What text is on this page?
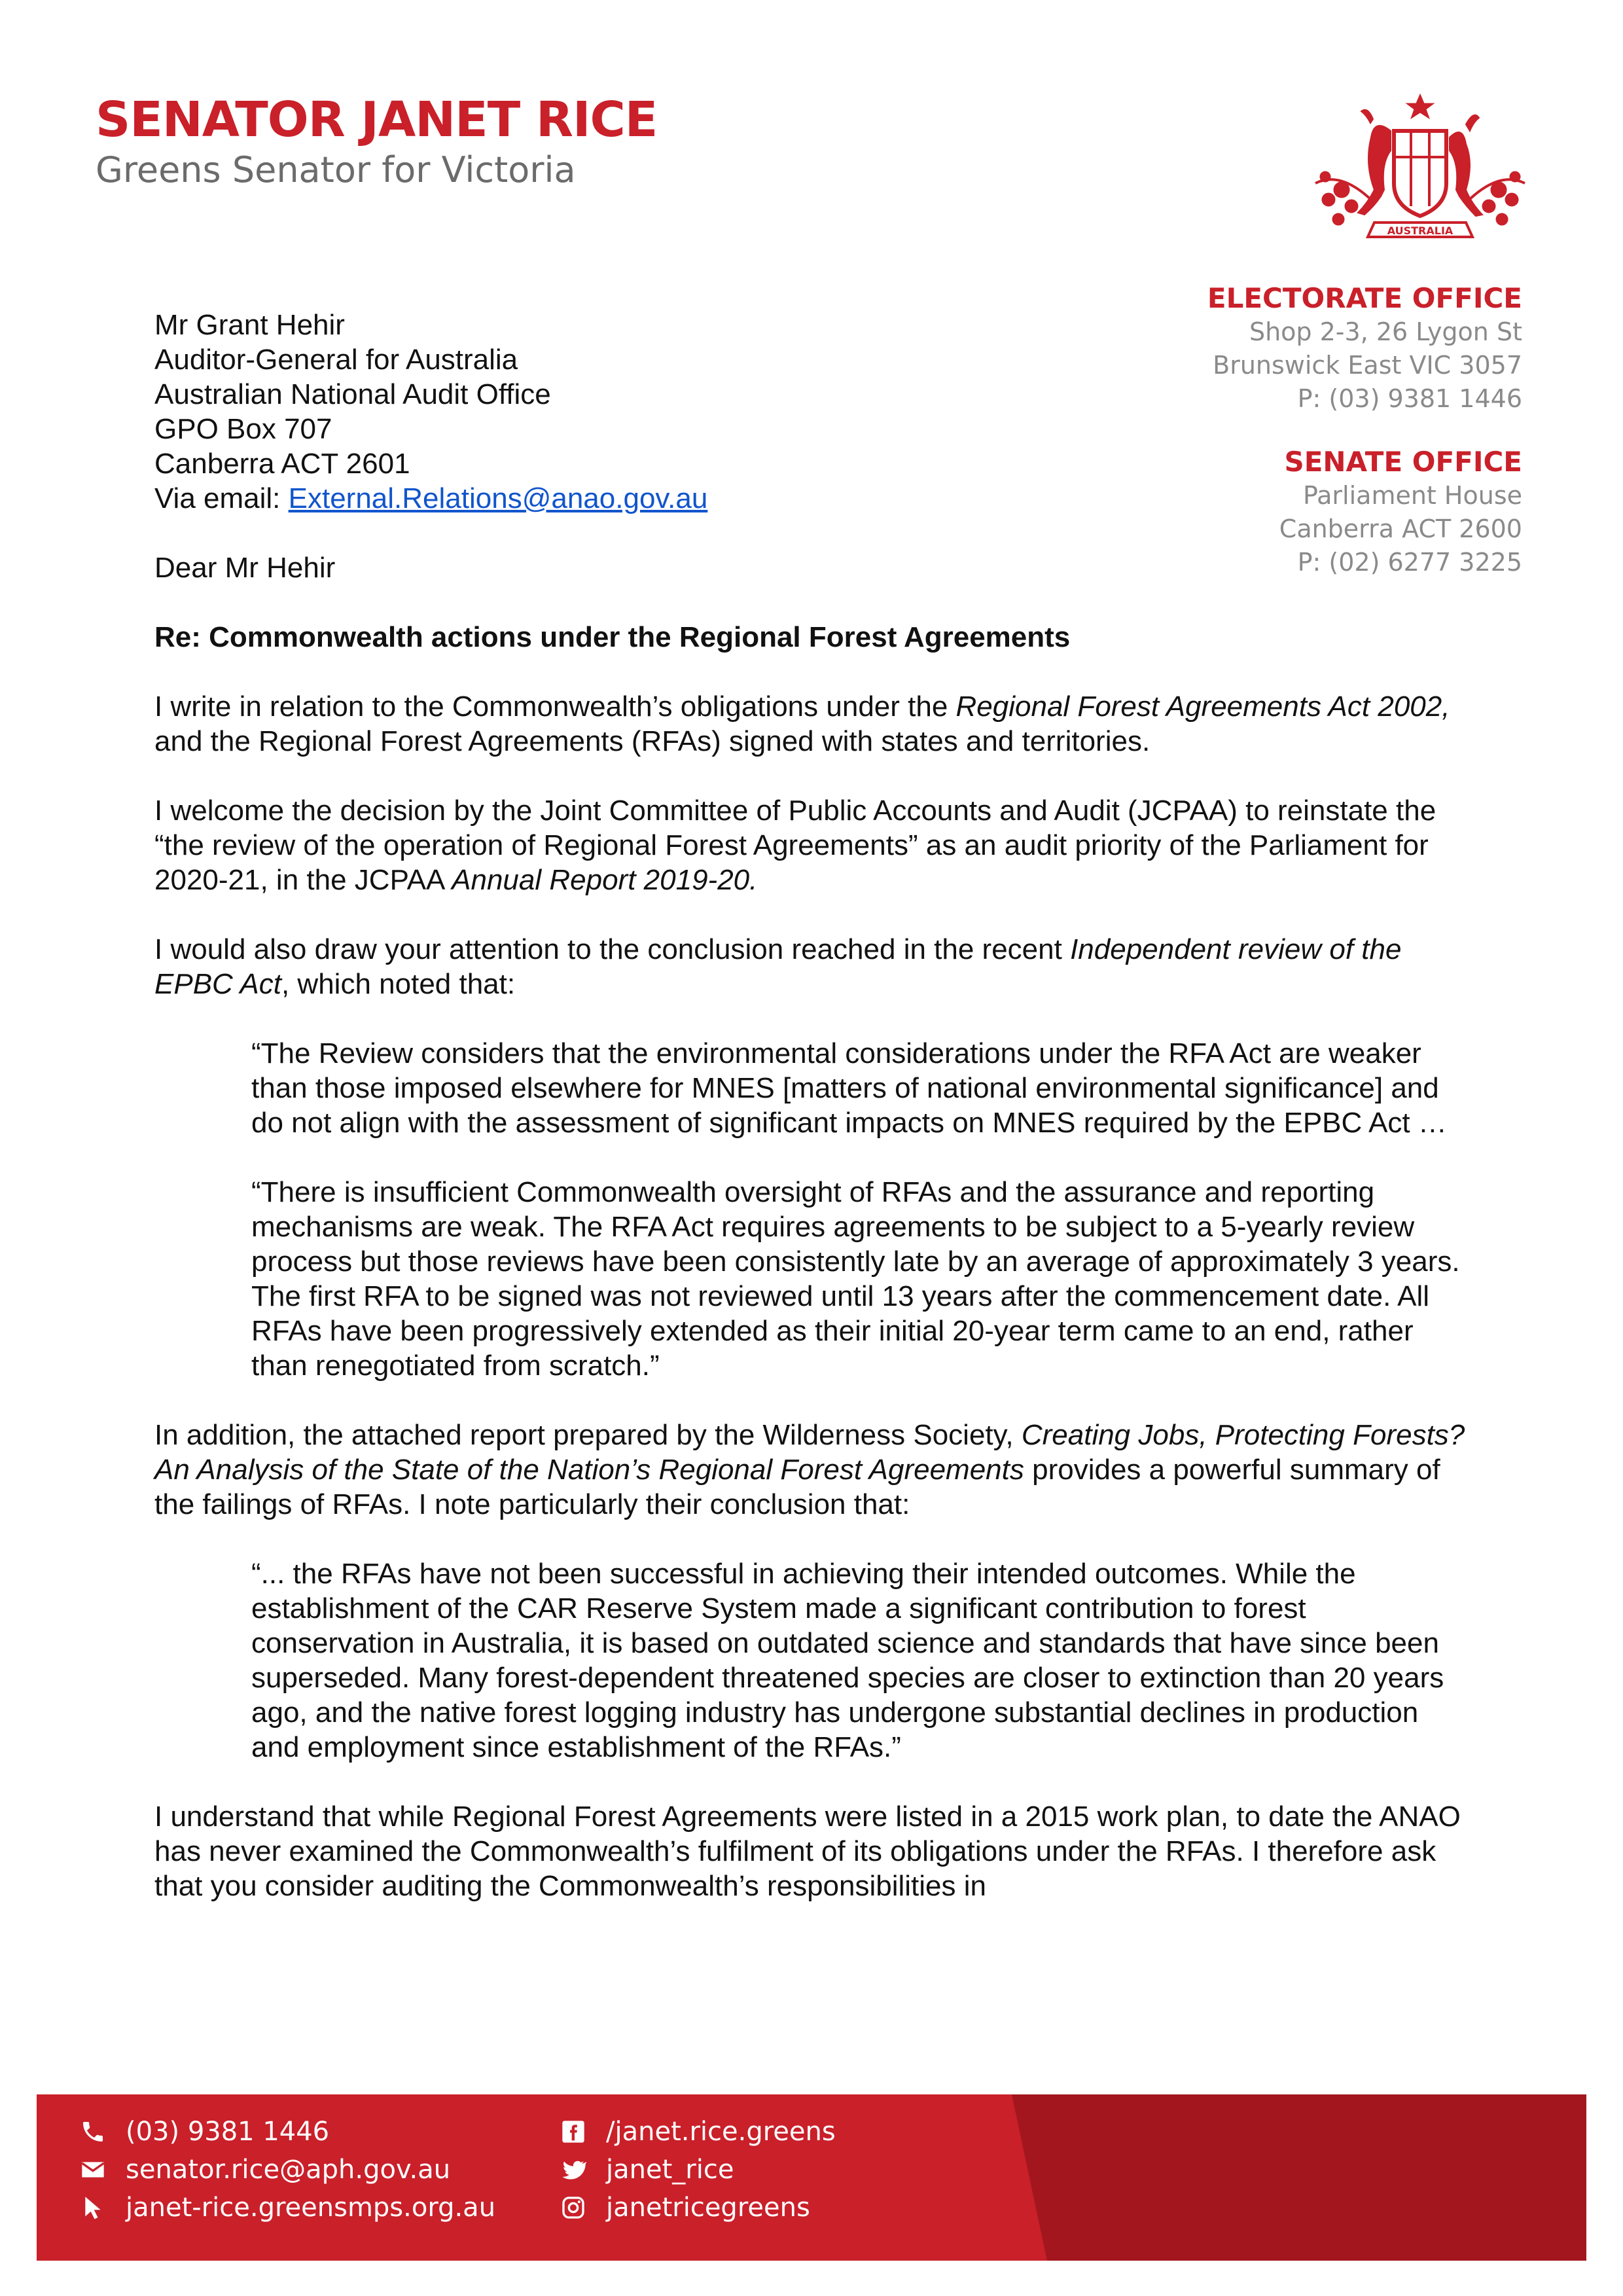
SENATOR JANET RICE
Greens Senator for Victoria
AUSTRALIA
ELECTORATE OFFICE
Shop 2-3, 26 Lygon St
Brunswick East VIC 3057
P: (03) 9381 1446
SENATE OFFICE
Parliament House
Canberra ACT 2600
P: (02) 6277 3225
Mr Grant Hehir
Auditor-General for Australia
Australian National Audit Office
GPO Box 707
Canberra ACT 2601
Via email: External.Relations@anao.gov.au

Dear Mr Hehir

Re: Commonwealth actions under the Regional Forest Agreements

I write in relation to the Commonwealth’s obligations under the Regional Forest Agreements Act 2002, and the Regional Forest Agreements (RFAs) signed with states and territories.

I welcome the decision by the Joint Committee of Public Accounts and Audit (JCPAA) to reinstate the “the review of the operation of Regional Forest Agreements” as an audit priority of the Parliament for 2020-21, in the JCPAA Annual Report 2019-20.

I would also draw your attention to the conclusion reached in the recent Independent review of the EPBC Act, which noted that:

“The Review considers that the environmental considerations under the RFA Act are weaker than those imposed elsewhere for MNES [matters of national environmental significance] and do not align with the assessment of significant impacts on MNES required by the EPBC Act …

“There is insufficient Commonwealth oversight of RFAs and the assurance and reporting mechanisms are weak. The RFA Act requires agreements to be subject to a 5-yearly review process but those reviews have been consistently late by an average of approximately 3 years. The first RFA to be signed was not reviewed until 13 years after the commencement date. All RFAs have been progressively extended as their initial 20-year term came to an end, rather than renegotiated from scratch.”

In addition, the attached report prepared by the Wilderness Society, Creating Jobs, Protecting Forests? An Analysis of the State of the Nation’s Regional Forest Agreements provides a powerful summary of the failings of RFAs. I note particularly their conclusion that:

“... the RFAs have not been successful in achieving their intended outcomes. While the establishment of the CAR Reserve System made a significant contribution to forest conservation in Australia, it is based on outdated science and standards that have since been superseded. Many forest-dependent threatened species are closer to extinction than 20 years ago, and the native forest logging industry has undergone substantial declines in production and employment since establishment of the RFAs.”

I understand that while Regional Forest Agreements were listed in a 2015 work plan, to date the ANAO has never examined the Commonwealth’s fulfilment of its obligations under the RFAs. I therefore ask that you consider auditing the Commonwealth’s responsibilities in

(03) 9381 1446
senator.rice@aph.gov.au
janet-rice.greensmps.org.au
/janet.rice.greens
janet_rice
janetricegreens
